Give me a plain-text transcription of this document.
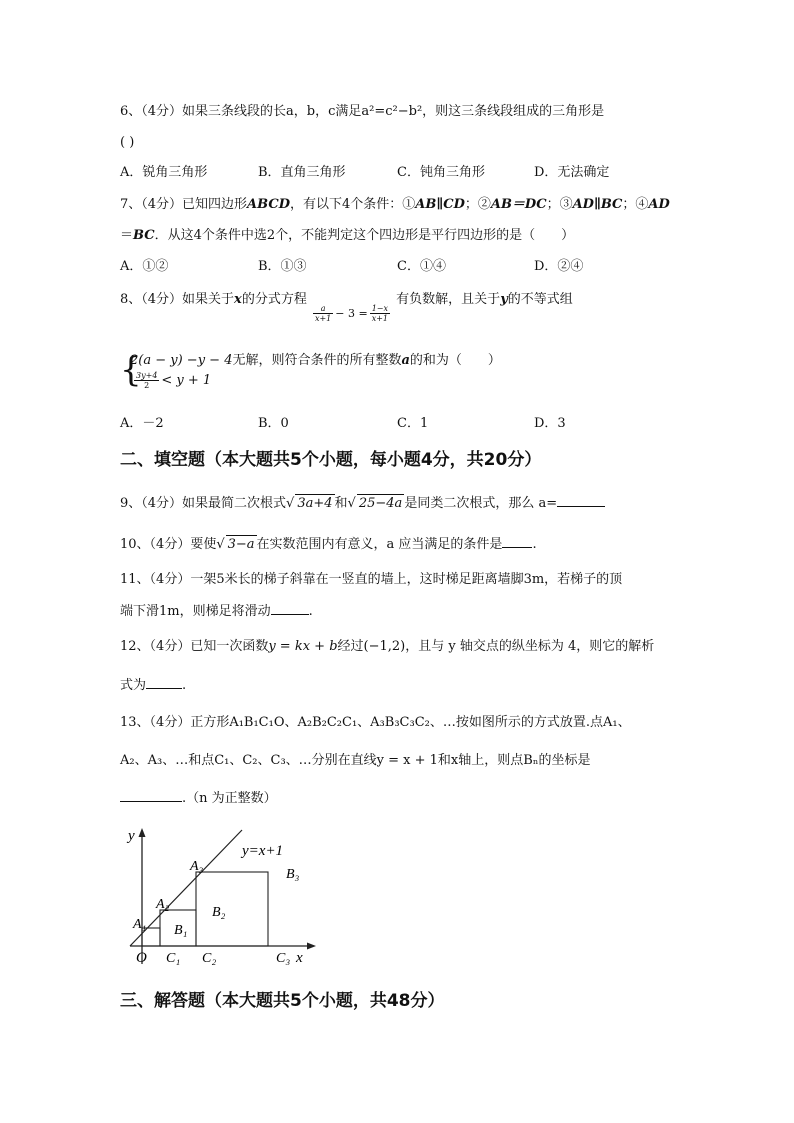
6、（4分）如果三条线段的长a，b，c满足a²=c²−b²，则这三条线段组成的三角形是
( )
A．锐角三角形	B．直角三角形	C．钝角三角形	D．无法确定
7、（4分）已知四边形ABCD，有以下4个条件：①AB∥CD；②AB＝DC；③AD∥BC；④AD
＝BC．从这4个条件中选2个，不能判定这个四边形是平行四边形的是（　　）
A．①②	B．①③	C．①④	D．②④
8、（4分）如果关于x的分式方程
$\frac{a}{x+1} - 3 = \frac{1-x}{x+1}$
有负数解，且关于y的不等式组
{
2(a − y) −y − 4无解，则符合条件的所有整数a的和为（　　）
$\frac{3y+4}{2} < y + 1$
A．－2	B．0	C．1	D．3
二、填空题（本大题共5个小题，每小题4分，共20分）
9、（4分）如果最简二次根式√ 3a+4 和√ 25−4a 是同类二次根式，那么 a=
10、（4分）要使√ 3−a 在实数范围内有意义，a 应当满足的条件是 .
11、（4分）一架5米长的梯子斜靠在一竖直的墙上，这时梯足距离墙脚3m，若梯子的顶
端下滑1m，则梯足将滑动	.
12、（4分）已知一次函数y = kx + b经过(−1,2)，且与 y 轴交点的纵坐标为 4，则它的解析
式为	.
13、（4分）正方形A₁B₁C₁O、A₂B₂C₂C₁、A₃B₃C₃C₂、…按如图所示的方式放置.点A₁、
A₂、A₃、…和点C₁、C₂、C₃、…分别在直线y = x + 1和x轴上，则点Bₙ的坐标是
.（n 为正整数）
y
x
O
y=x+1
A₁
A₂
A₃
B₁
B₂
B₃
C₁ C₂	C₃
三、解答题（本大题共5个小题，共48分）
